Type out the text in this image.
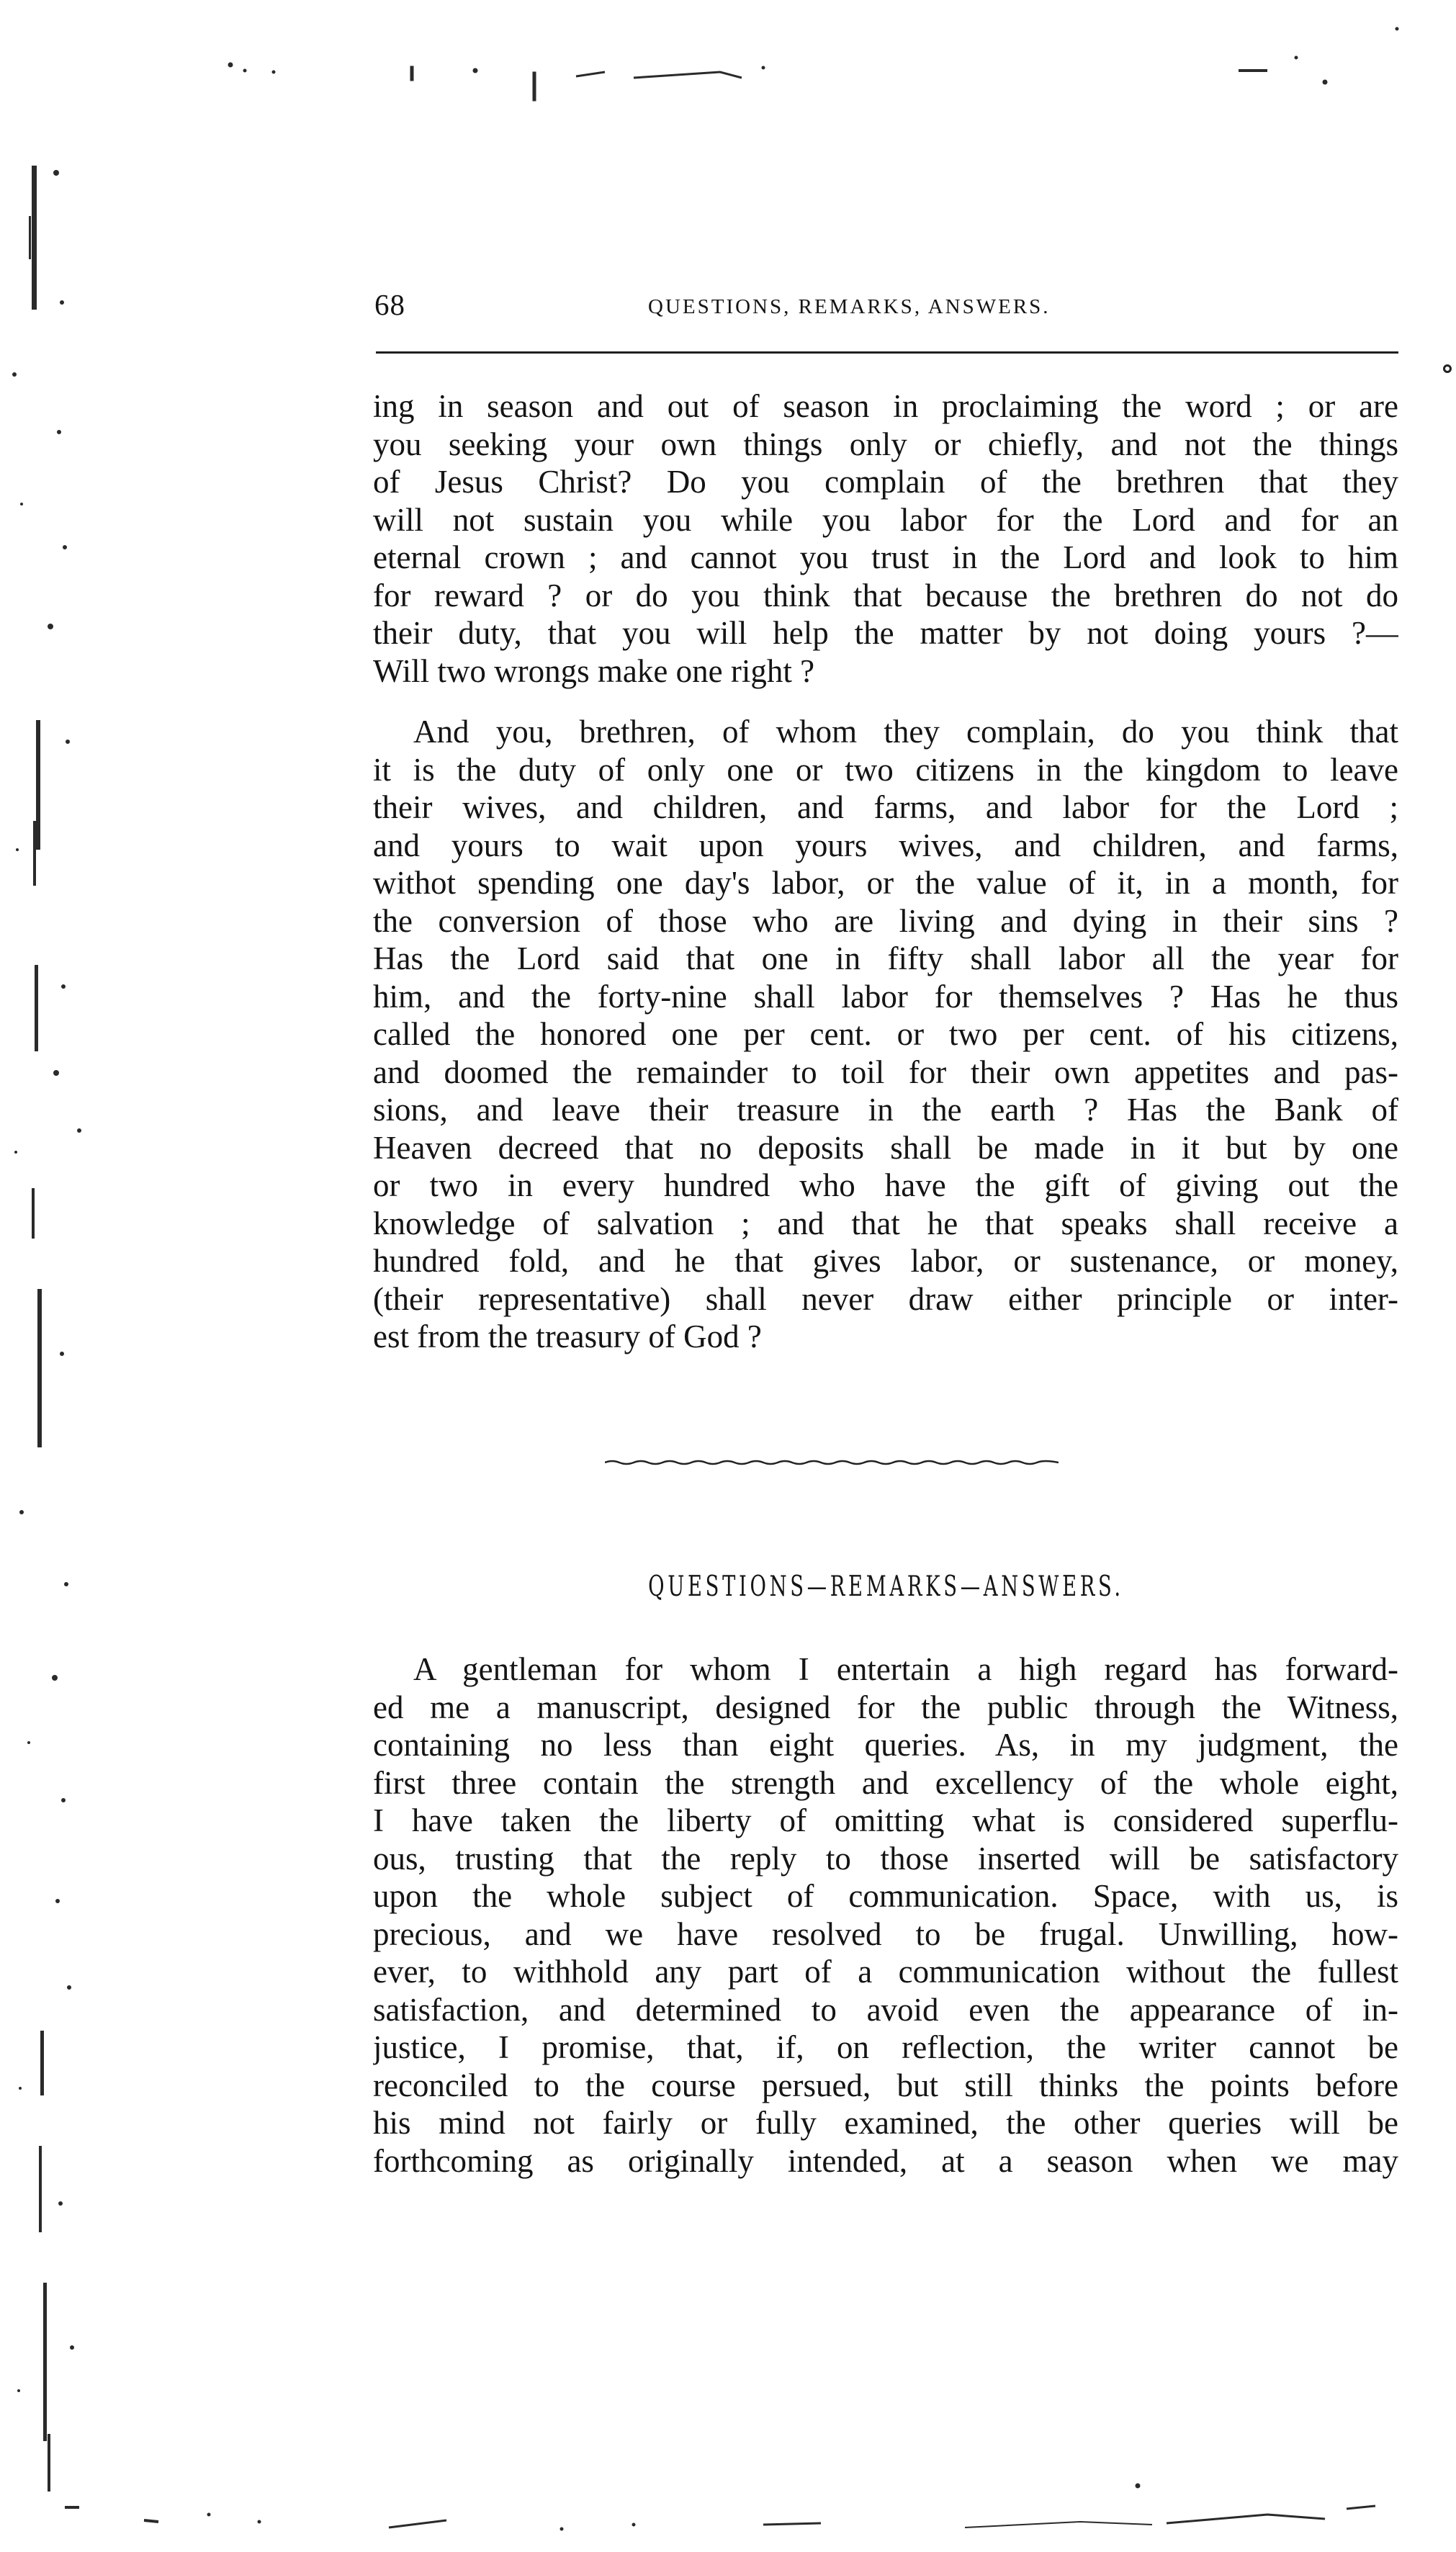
68	QUESTIONS, REMARKS, ANSWERS.
ing in season and out of season in proclaiming the word ; or are
you seeking your own things only or chiefly, and not the things
of Jesus Christ? Do you complain of the brethren that they
will not sustain you while you labor for the Lord and for an
eternal crown ; and cannot you trust in the Lord and look to him
for reward ? or do you think that because the brethren do not do
their duty, that you will help the matter by not doing yours ?—
Will two wrongs make one right ?
And you, brethren, of whom they complain, do you think that
it is the duty of only one or two citizens in the kingdom to leave
their wives, and children, and farms, and labor for the Lord ;
and yours to wait upon yours wives, and children, and farms,
withot spending one day's labor, or the value of it, in a month, for
the conversion of those who are living and dying in their sins ?
Has the Lord said that one in fifty shall labor all the year for
him, and the forty-nine shall labor for themselves ? Has he thus
called the honored one per cent. or two per cent. of his citizens,
and doomed the remainder to toil for their own appetites and pas-
sions, and leave their treasure in the earth ? Has the Bank of
Heaven decreed that no deposits shall be made in it but by one
or two in every hundred who have the gift of giving out the
knowledge of salvation ; and that he that speaks shall receive a
hundred fold, and he that gives labor, or sustenance, or money,
(their representative) shall never draw either principle or inter-
est from the treasury of God ?
QUESTIONS—REMARKS—ANSWERS.
A gentleman for whom I entertain a high regard has forward-
ed me a manuscript, designed for the public through the Witness,
containing no less than eight queries. As, in my judgment, the
first three contain the strength and excellency of the whole eight,
I have taken the liberty of omitting what is considered superflu-
ous, trusting that the reply to those inserted will be satisfactory
upon the whole subject of communication. Space, with us, is
precious, and we have resolved to be frugal. Unwilling, how-
ever, to withhold any part of a communication without the fullest
satisfaction, and determined to avoid even the appearance of in-
justice, I promise, that, if, on reflection, the writer cannot be
reconciled to the course persued, but still thinks the points before
his mind not fairly or fully examined, the other queries will be
forthcoming as originally intended, at a season when we may
